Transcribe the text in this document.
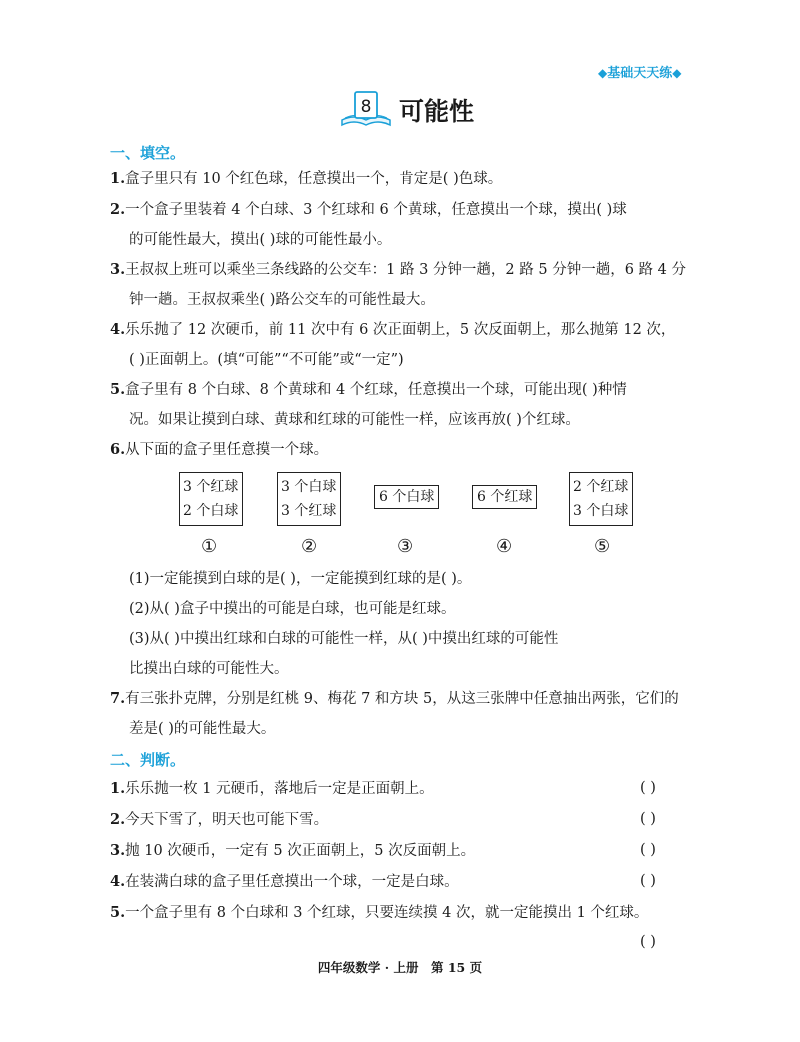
◆基础天天练◆
8 可能性
一、填空。
1.盒子里只有 10 个红色球，任意摸出一个，肯定是( )色球。
2.一个盒子里装着 4 个白球、3 个红球和 6 个黄球，任意摸出一个球，摸出( )球
的可能性最大，摸出( )球的可能性最小。
3.王叔叔上班可以乘坐三条线路的公交车：1 路 3 分钟一趟，2 路 5 分钟一趟，6 路 4 分
钟一趟。王叔叔乘坐( )路公交车的可能性最大。
4.乐乐抛了 12 次硬币，前 11 次中有 6 次正面朝上，5 次反面朝上，那么抛第 12 次，
( )正面朝上。(填“可能”“不可能”或“一定”)
5.盒子里有 8 个白球、8 个黄球和 4 个红球，任意摸出一个球，可能出现( )种情
况。如果让摸到白球、黄球和红球的可能性一样，应该再放( )个红球。
6.从下面的盒子里任意摸一个球。
3 个红球
2 个白球
3 个白球
3 个红球
6 个白球	6 个红球
2 个红球
3 个白球
①	②	③	④	⑤
(1)一定能摸到白球的是( )，一定能摸到红球的是( )。
(2)从( )盒子中摸出的可能是白球，也可能是红球。
(3)从( )中摸出红球和白球的可能性一样，从( )中摸出红球的可能性
比摸出白球的可能性大。
7.有三张扑克牌，分别是红桃 9、梅花 7 和方块 5，从这三张牌中任意抽出两张，它们的
差是( )的可能性最大。
二、判断。
1.乐乐抛一枚 1 元硬币，落地后一定是正面朝上。	( )
2.今天下雪了，明天也可能下雪。	( )
3.抛 10 次硬币，一定有 5 次正面朝上，5 次反面朝上。	( )
4.在装满白球的盒子里任意摸出一个球，一定是白球。	( )
5.一个盒子里有 8 个白球和 3 个红球，只要连续摸 4 次，就一定能摸出 1 个红球。
( )
四年级数学 · 上册　第 15 页
